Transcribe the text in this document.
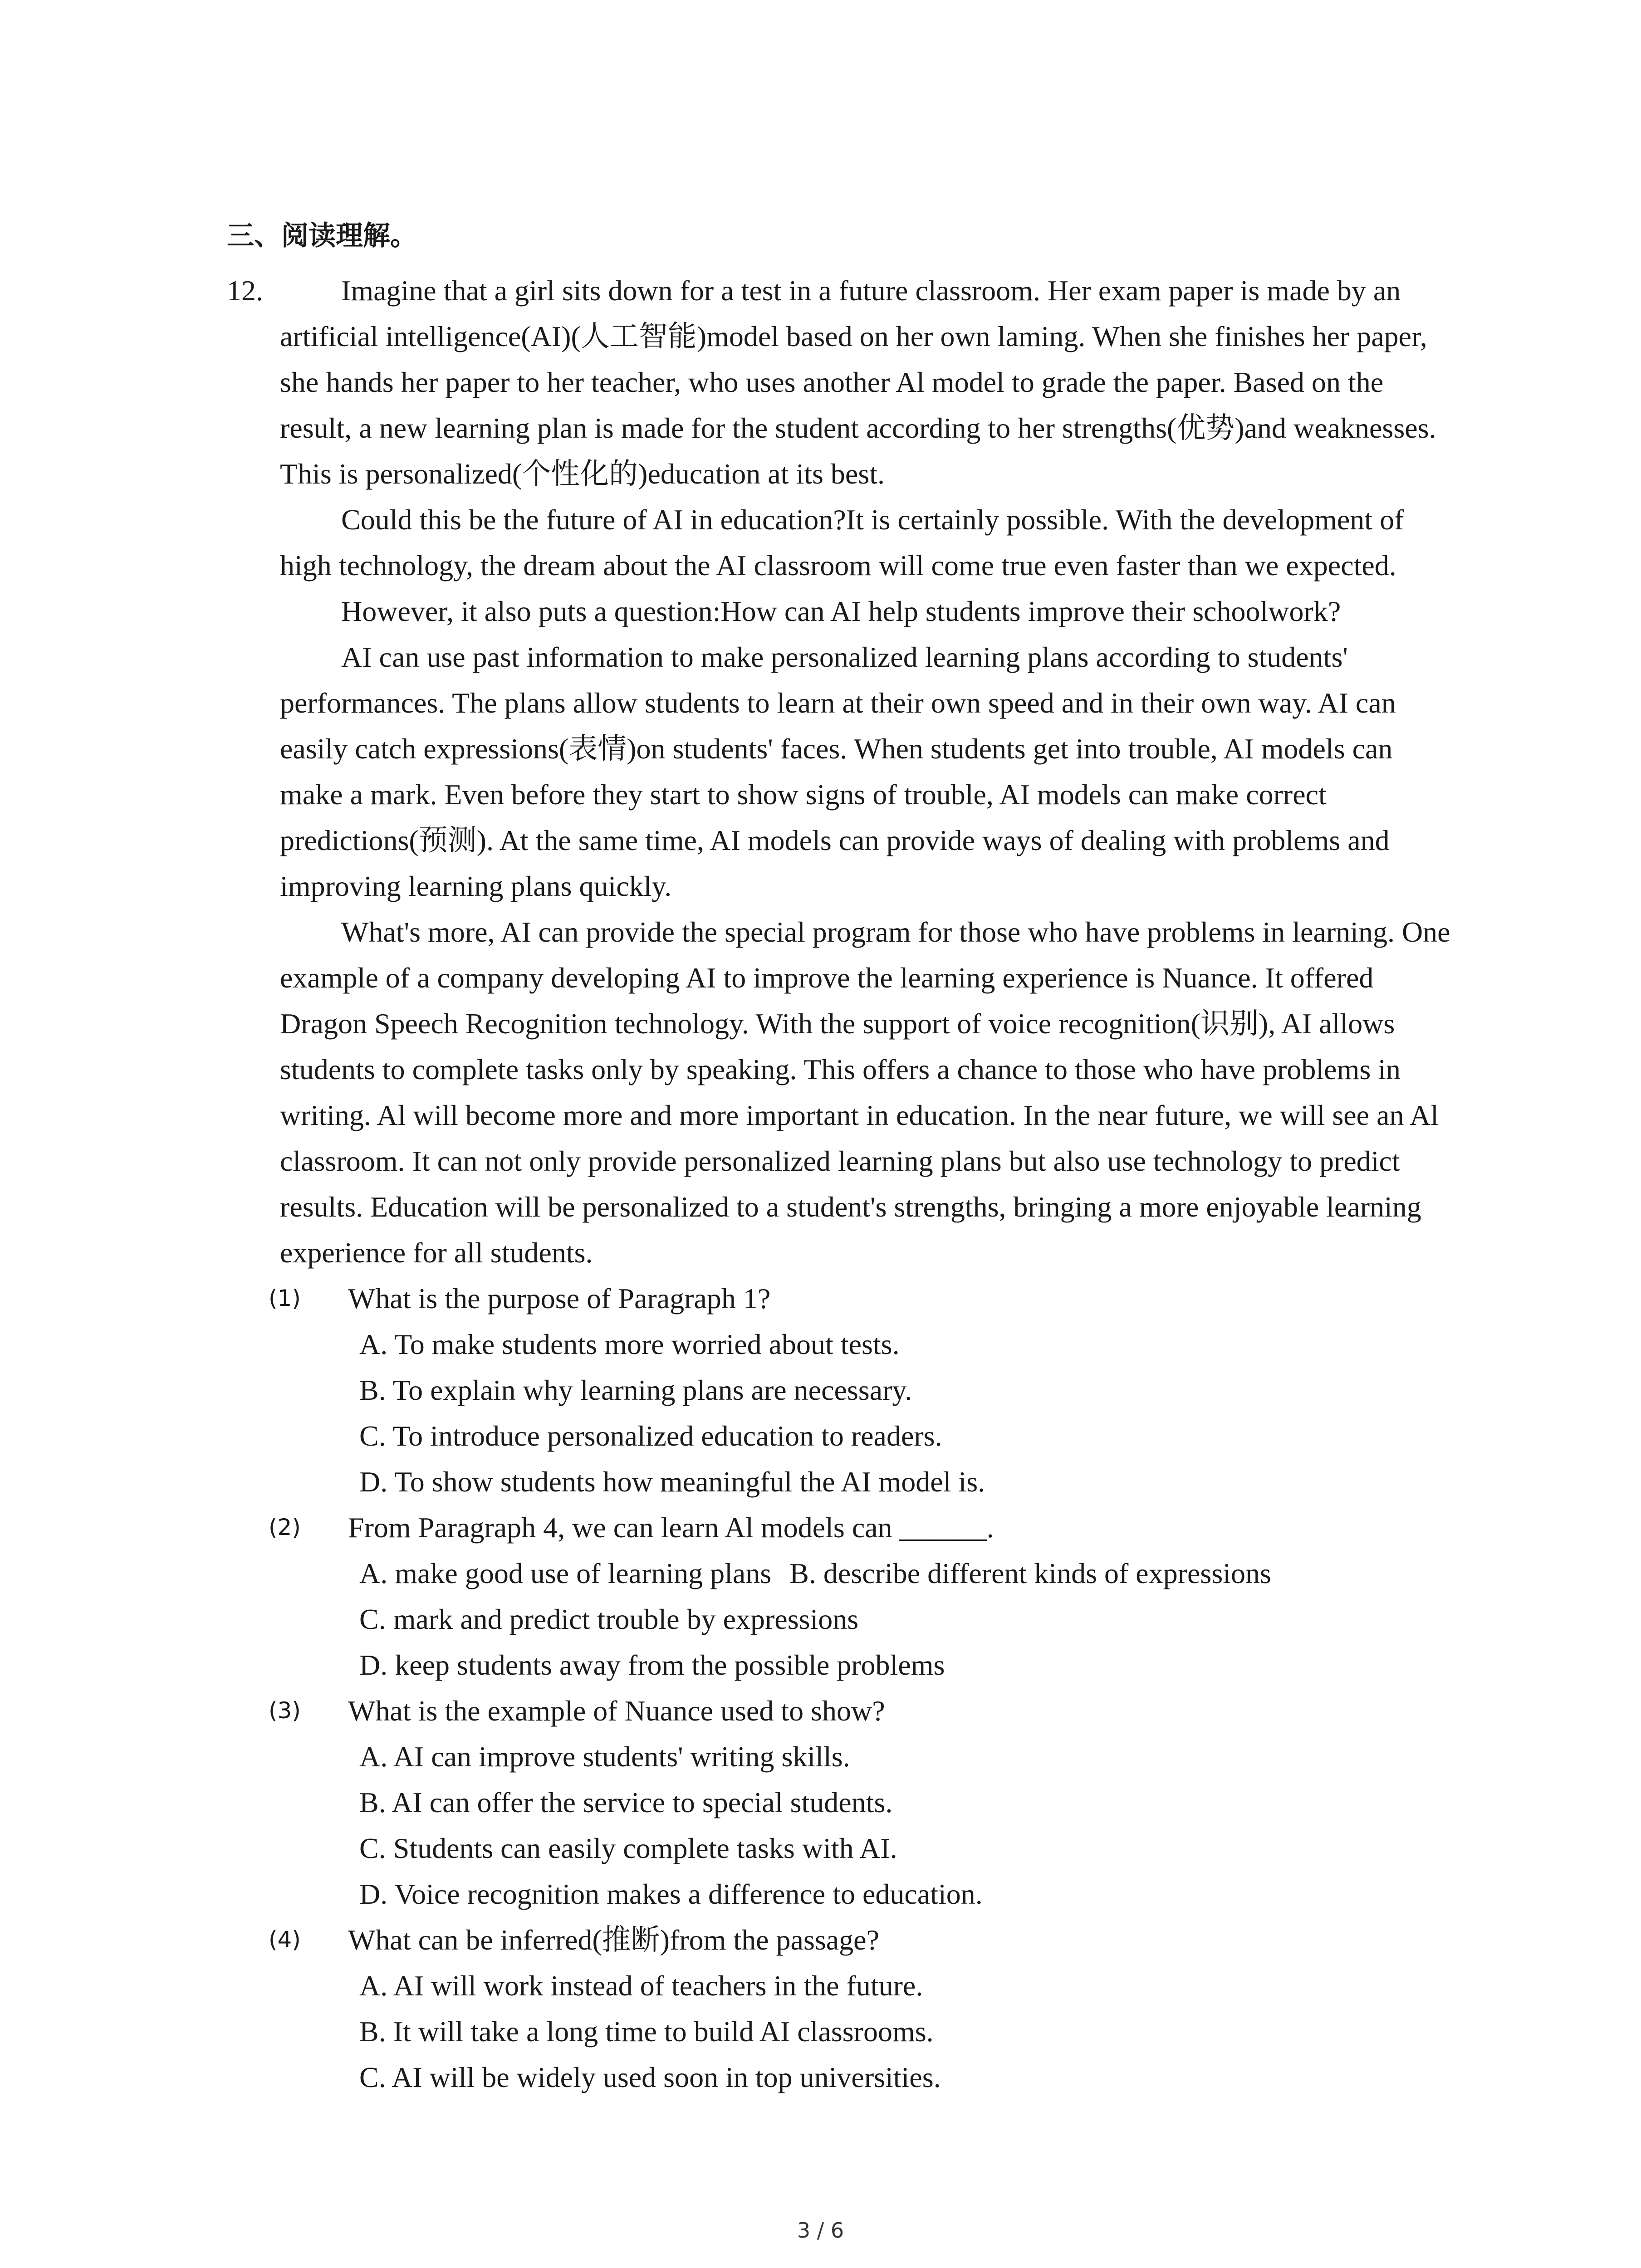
三、阅读理解。
12.	Imagine that a girl sits down for a test in a future classroom. Her exam paper is made by an artificial intelligence(AI)(人工智能)model based on her own laming. When she finishes her paper, she hands her paper to her teacher, who uses another Al model to grade the paper. Based on the result, a new learning plan is made for the student according to her strengths(优势)and weaknesses. This is personalized(个性化的)education at its best.

Could this be the future of AI in education?It is certainly possible. With the development of high technology, the dream about the AI classroom will come true even faster than we expected.

However, it also puts a question:How can AI help students improve their schoolwork?

AI can use past information to make personalized learning plans according to students' performances. The plans allow students to learn at their own speed and in their own way. AI can easily catch expressions(表情)on students' faces. When students get into trouble, AI models can make a mark. Even before they start to show signs of trouble, AI models can make correct predictions(预测). At the same time, AI models can provide ways of dealing with problems and improving learning plans quickly.

What's more, AI can provide the special program for those who have problems in learning. One example of a company developing AI to improve the learning experience is Nuance. It offered Dragon Speech Recognition technology. With the support of voice recognition(识别), AI allows students to complete tasks only by speaking. This offers a chance to those who have problems in writing. Al will become more and more important in education. In the near future, we will see an Al classroom. It can not only provide personalized learning plans but also use technology to predict results. Education will be personalized to a student's strengths, bringing a more enjoyable learning experience for all students.

(1)	What is the purpose of Paragraph 1?
A. To make students more worried about tests.
B. To explain why learning plans are necessary.
C. To introduce personalized education to readers.
D. To show students how meaningful the AI model is.
(2)	From Paragraph 4, we can learn Al models can ______.
A. make good use of learning plans B. describe different kinds of expressions
C. mark and predict trouble by expressions
D. keep students away from the possible problems
(3)	What is the example of Nuance used to show?
A. AI can improve students' writing skills.
B. AI can offer the service to special students.
C. Students can easily complete tasks with AI.
D. Voice recognition makes a difference to education.
(4)	What can be inferred(推断)from the passage?
A. AI will work instead of teachers in the future.
B. It will take a long time to build AI classrooms.
C. AI will be widely used soon in top universities.
3 / 6
